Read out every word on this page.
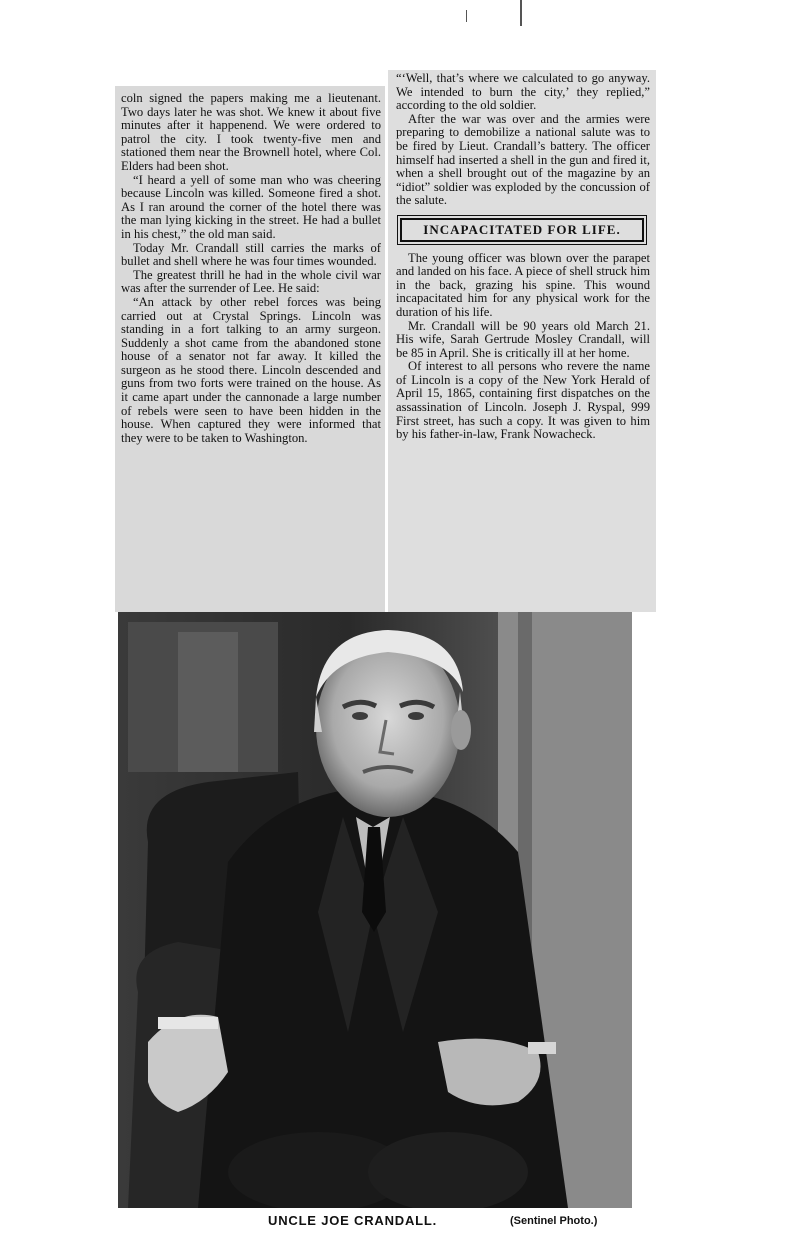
coln signed the papers making me a lieutenant. Two days later he was shot. We knew it about five minutes after it happenend. We were ordered to patrol the city. I took twenty-five men and stationed them near the Brownell hotel, where Col. Elders had been shot.

“I heard a yell of some man who was cheering because Lincoln was killed. Someone fired a shot. As I ran around the corner of the hotel there was the man lying kicking in the street. He had a bullet in his chest,” the old man said.

Today Mr. Crandall still carries the marks of bullet and shell where he was four times wounded.

The greatest thrill he had in the whole civil war was after the surrender of Lee. He said:

“An attack by other rebel forces was being carried out at Crystal Springs. Lincoln was standing in a fort talking to an army surgeon. Suddenly a shot came from the abandoned stone house of a senator not far away. It killed the surgeon as he stood there. Lincoln descended and guns from two forts were trained on the house. As it came apart under the cannonade a large number of rebels were seen to have been hidden in the house. When captured they were informed that they were to be taken to Washington.

“‘Well, that’s where we calculated to go anyway. We intended to burn the city,’ they replied,” according to the old soldier.

After the war was over and the armies were preparing to demobilize a national salute was to be fired by Lieut. Crandall’s battery. The officer himself had inserted a shell in the gun and fired it, when a shell brought out of the magazine by an “idiot” soldier was exploded by the concussion of the salute.

INCAPACITATED FOR LIFE.

The young officer was blown over the parapet and landed on his face. A piece of shell struck him in the back, grazing his spine. This wound incapacitated him for any physical work for the duration of his life.

Mr. Crandall will be 90 years old March 21. His wife, Sarah Gertrude Mosley Crandall, will be 85 in April. She is critically ill at her home.

Of interest to all persons who revere the name of Lincoln is a copy of the New York Herald of April 15, 1865, containing first dispatches on the assassination of Lincoln. Joseph J. Ryspal, 999 First street, has such a copy. It was given to him by his father-in-law, Frank Nowacheck.

UNCLE JOE CRANDALL.	(Sentinel Photo.)
